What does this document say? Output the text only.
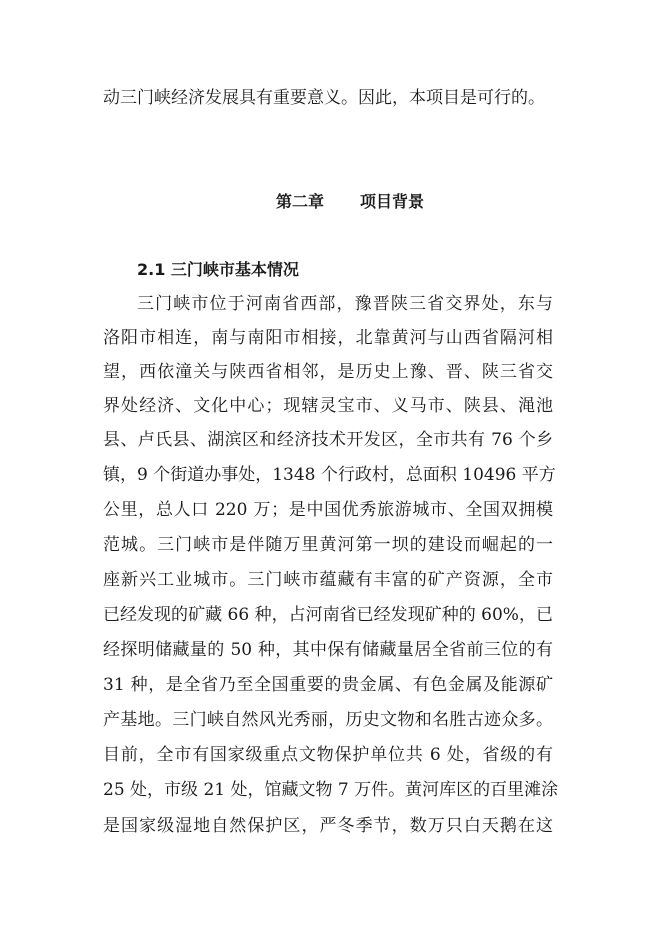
动三门峡经济发展具有重要意义。因此，本项目是可行的。
第二章 项目背景
2.1 三门峡市基本情况
三门峡市位于河南省西部，豫晋陕三省交界处，东与
洛阳市相连，南与南阳市相接，北靠黄河与山西省隔河相
望，西依潼关与陕西省相邻，是历史上豫、晋、陕三省交
界处经济、文化中心；现辖灵宝市、义马市、陕县、渑池
县、卢氏县、湖滨区和经济技术开发区，全市共有 76 个乡
镇，9 个街道办事处，1348 个行政村，总面积 10496 平方
公里，总人口 220 万；是中国优秀旅游城市、全国双拥模
范城。三门峡市是伴随万里黄河第一坝的建设而崛起的一
座新兴工业城市。三门峡市蕴藏有丰富的矿产资源，全市
已经发现的矿藏 66 种，占河南省已经发现矿种的 60%，已
经探明储藏量的 50 种，其中保有储藏量居全省前三位的有
31 种，是全省乃至全国重要的贵金属、有色金属及能源矿
产基地。三门峡自然风光秀丽，历史文物和名胜古迹众多。
目前，全市有国家级重点文物保护单位共 6 处，省级的有
25 处，市级 21 处，馆藏文物 7 万件。黄河库区的百里滩涂
是国家级湿地自然保护区，严冬季节，数万只白天鹅在这
